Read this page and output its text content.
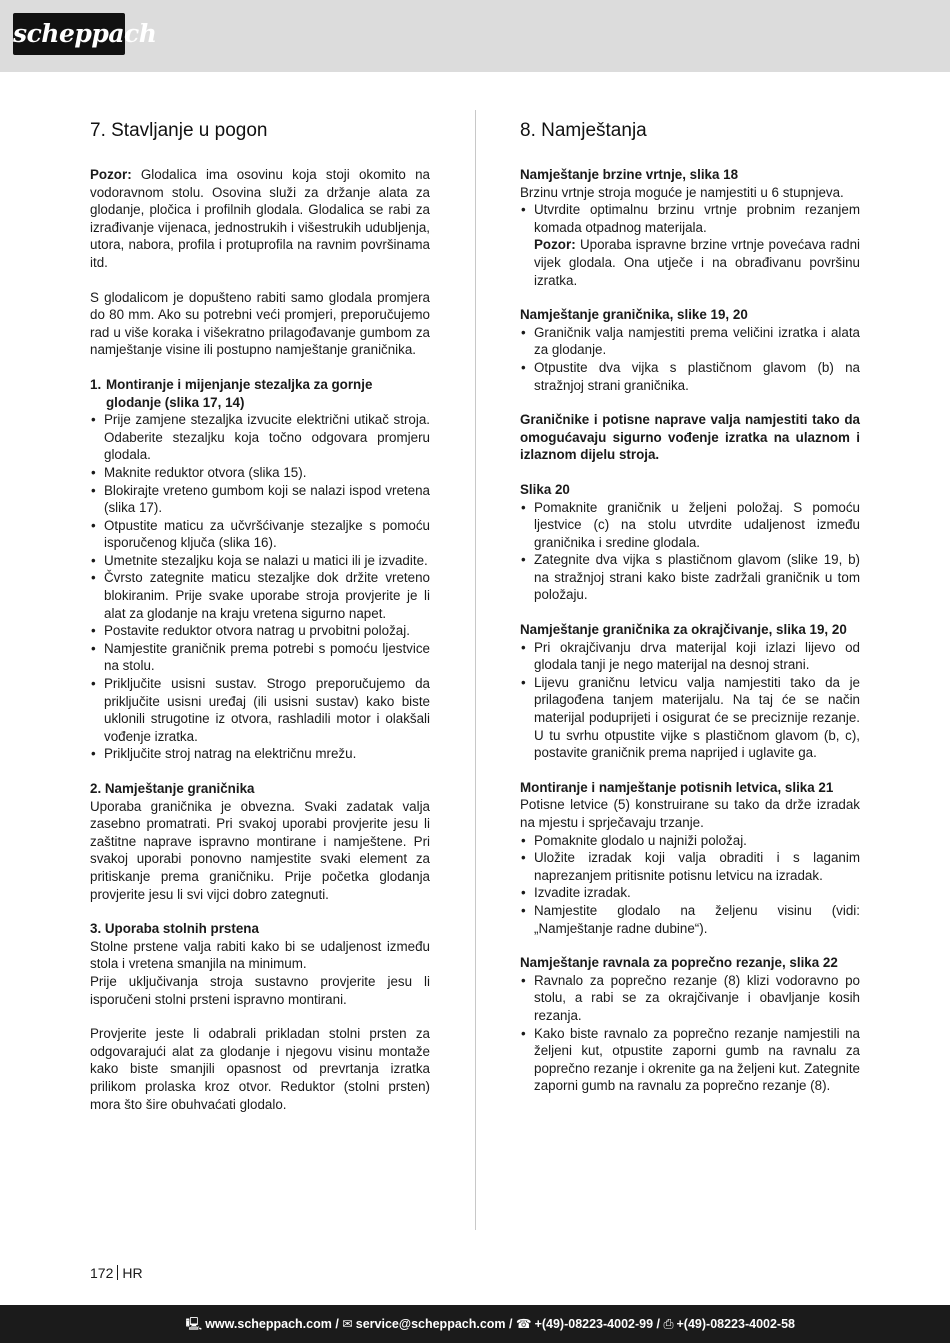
scheppach
7. Stavljanje u pogon

Pozor: Glodalica ima osovinu koja stoji okomito na vodoravnom stolu. Osovina služi za držanje alata za glodanje, pločica i profilnih glodala. Glodalica se rabi za izrađivanje vijenaca, jednostrukih i višestrukih udubljenja, utora, nabora, profila i protuprofila na ravnim površinama itd.

S glodalicom je dopušteno rabiti samo glodala promjera do 80 mm. Ako su potrebni veći promjeri, preporučujemo rad u više koraka i višekratno prilagođavanje gumbom za namještanje visine ili postupno namještanje graničnika.

1. Montiranje i mijenjanje stezaljka za gornje glodanje (slika 17, 14)
• Prije zamjene stezaljka izvucite električni utikač stroja. Odaberite stezaljku koja točno odgovara promjeru glodala.
• Maknite reduktor otvora (slika 15).
• Blokirajte vreteno gumbom koji se nalazi ispod vretena (slika 17).
• Otpustite maticu za učvršćivanje stezaljke s pomoću isporučenog ključa (slika 16).
• Umetnite stezaljku koja se nalazi u matici ili je izvadite.
• Čvrsto zategnite maticu stezaljke dok držite vreteno blokiranim. Prije svake uporabe stroja provjerite je li alat za glodanje na kraju vretena sigurno napet.
• Postavite reduktor otvora natrag u prvobitni položaj.
• Namjestite graničnik prema potrebi s pomoću ljestvice na stolu.
• Priključite usisni sustav. Strogo preporučujemo da priključite usisni uređaj (ili usisni sustav) kako biste uklonili strugotine iz otvora, rashladili motor i olakšali vođenje izratka.
• Priključite stroj natrag na električnu mrežu.

2. Namještanje graničnika

Uporaba graničnika je obvezna. Svaki zadatak valja zasebno promatrati. Pri svakoj uporabi provjerite jesu li zaštitne naprave ispravno montirane i namještene. Pri svakoj uporabi ponovno namjestite svaki element za pritiskanje prema graničniku. Prije početka glodanja provjerite jesu li svi vijci dobro zategnuti.

3. Uporaba stolnih prstena

Stolne prstene valja rabiti kako bi se udaljenost između stola i vretena smanjila na minimum.

Prije uključivanja stroja sustavno provjerite jesu li isporučeni stolni prsteni ispravno montirani.

Provjerite jeste li odabrali prikladan stolni prsten za odgovarajući alat za glodanje i njegovu visinu montaže kako biste smanjili opasnost od prevrtanja izratka prilikom prolaska kroz otvor. Reduktor (stolni prsten) mora što šire obuhvaćati glodalo.

8. Namještanja

Namještanje brzine vrtnje, slika 18

Brzinu vrtnje stroja moguće je namjestiti u 6 stupnjeva.

• Utvrdite optimalnu brzinu vrtnje probnim rezanjem komada otpadnog materijala.
Pozor: Uporaba ispravne brzine vrtnje povećava radni vijek glodala. Ona utječe i na obrađivanu površinu izratka.

Namještanje graničnika, slike 19, 20

• Graničnik valja namjestiti prema veličini izratka i alata za glodanje.
• Otpustite dva vijka s plastičnom glavom (b) na stražnjoj strani graničnika.

Graničnike i potisne naprave valja namjestiti tako da omogućavaju sigurno vođenje izratka na ulaznom i izlaznom dijelu stroja.

Slika 20

• Pomaknite graničnik u željeni položaj. S pomoću ljestvice (c) na stolu utvrdite udaljenost između graničnika i sredine glodala.
• Zategnite dva vijka s plastičnom glavom (slike 19, b) na stražnjoj strani kako biste zadržali graničnik u tom položaju.

Namještanje graničnika za okrajčivanje, slika 19, 20

• Pri okrajčivanju drva materijal koji izlazi lijevo od glodala tanji je nego materijal na desnoj strani.
• Lijevu graničnu letvicu valja namjestiti tako da je prilagođena tanjem materijalu. Na taj će se način materijal poduprijeti i osigurat će se precizniје rezanje. U tu svrhu otpustite vijke s plastičnom glavom (b, c), postavite graničnik prema naprijed i uglavite ga.

Montiranje i namještanje potisnih letvica, slika 21

Potisne letvice (5) konstruirane su tako da drže izradak na mjestu i sprječavaju trzanje.

• Pomaknite glodalo u najniži položaj.
• Uložite izradak koji valja obraditi i s laganim naprezanjem pritisnite potisnu letvicu na izradak.
• Izvadite izradak.
• Namjestite glodalo na željenu visinu (vidi: „Namještanje radne dubine“).

Namještanje ravnala za poprečno rezanje, slika 22

• Ravnalo za poprečno rezanje (8) klizi vodoravno po stolu, a rabi se za okrajčivanje i obavljanje kosih rezanja.
• Kako biste ravnalo za poprečno rezanje namjestili na željeni kut, otpustite zaporni gumb na ravnalu za poprečno rezanje i okrenite ga na željeni kut. Zategnite zaporni gumb na ravnalu za poprečno rezanje (8).
172 HR
🖳 www.scheppach.com / ✉ service@scheppach.com / ☎ +(49)-08223-4002-99 / ⎙ +(49)-08223-4002-58
